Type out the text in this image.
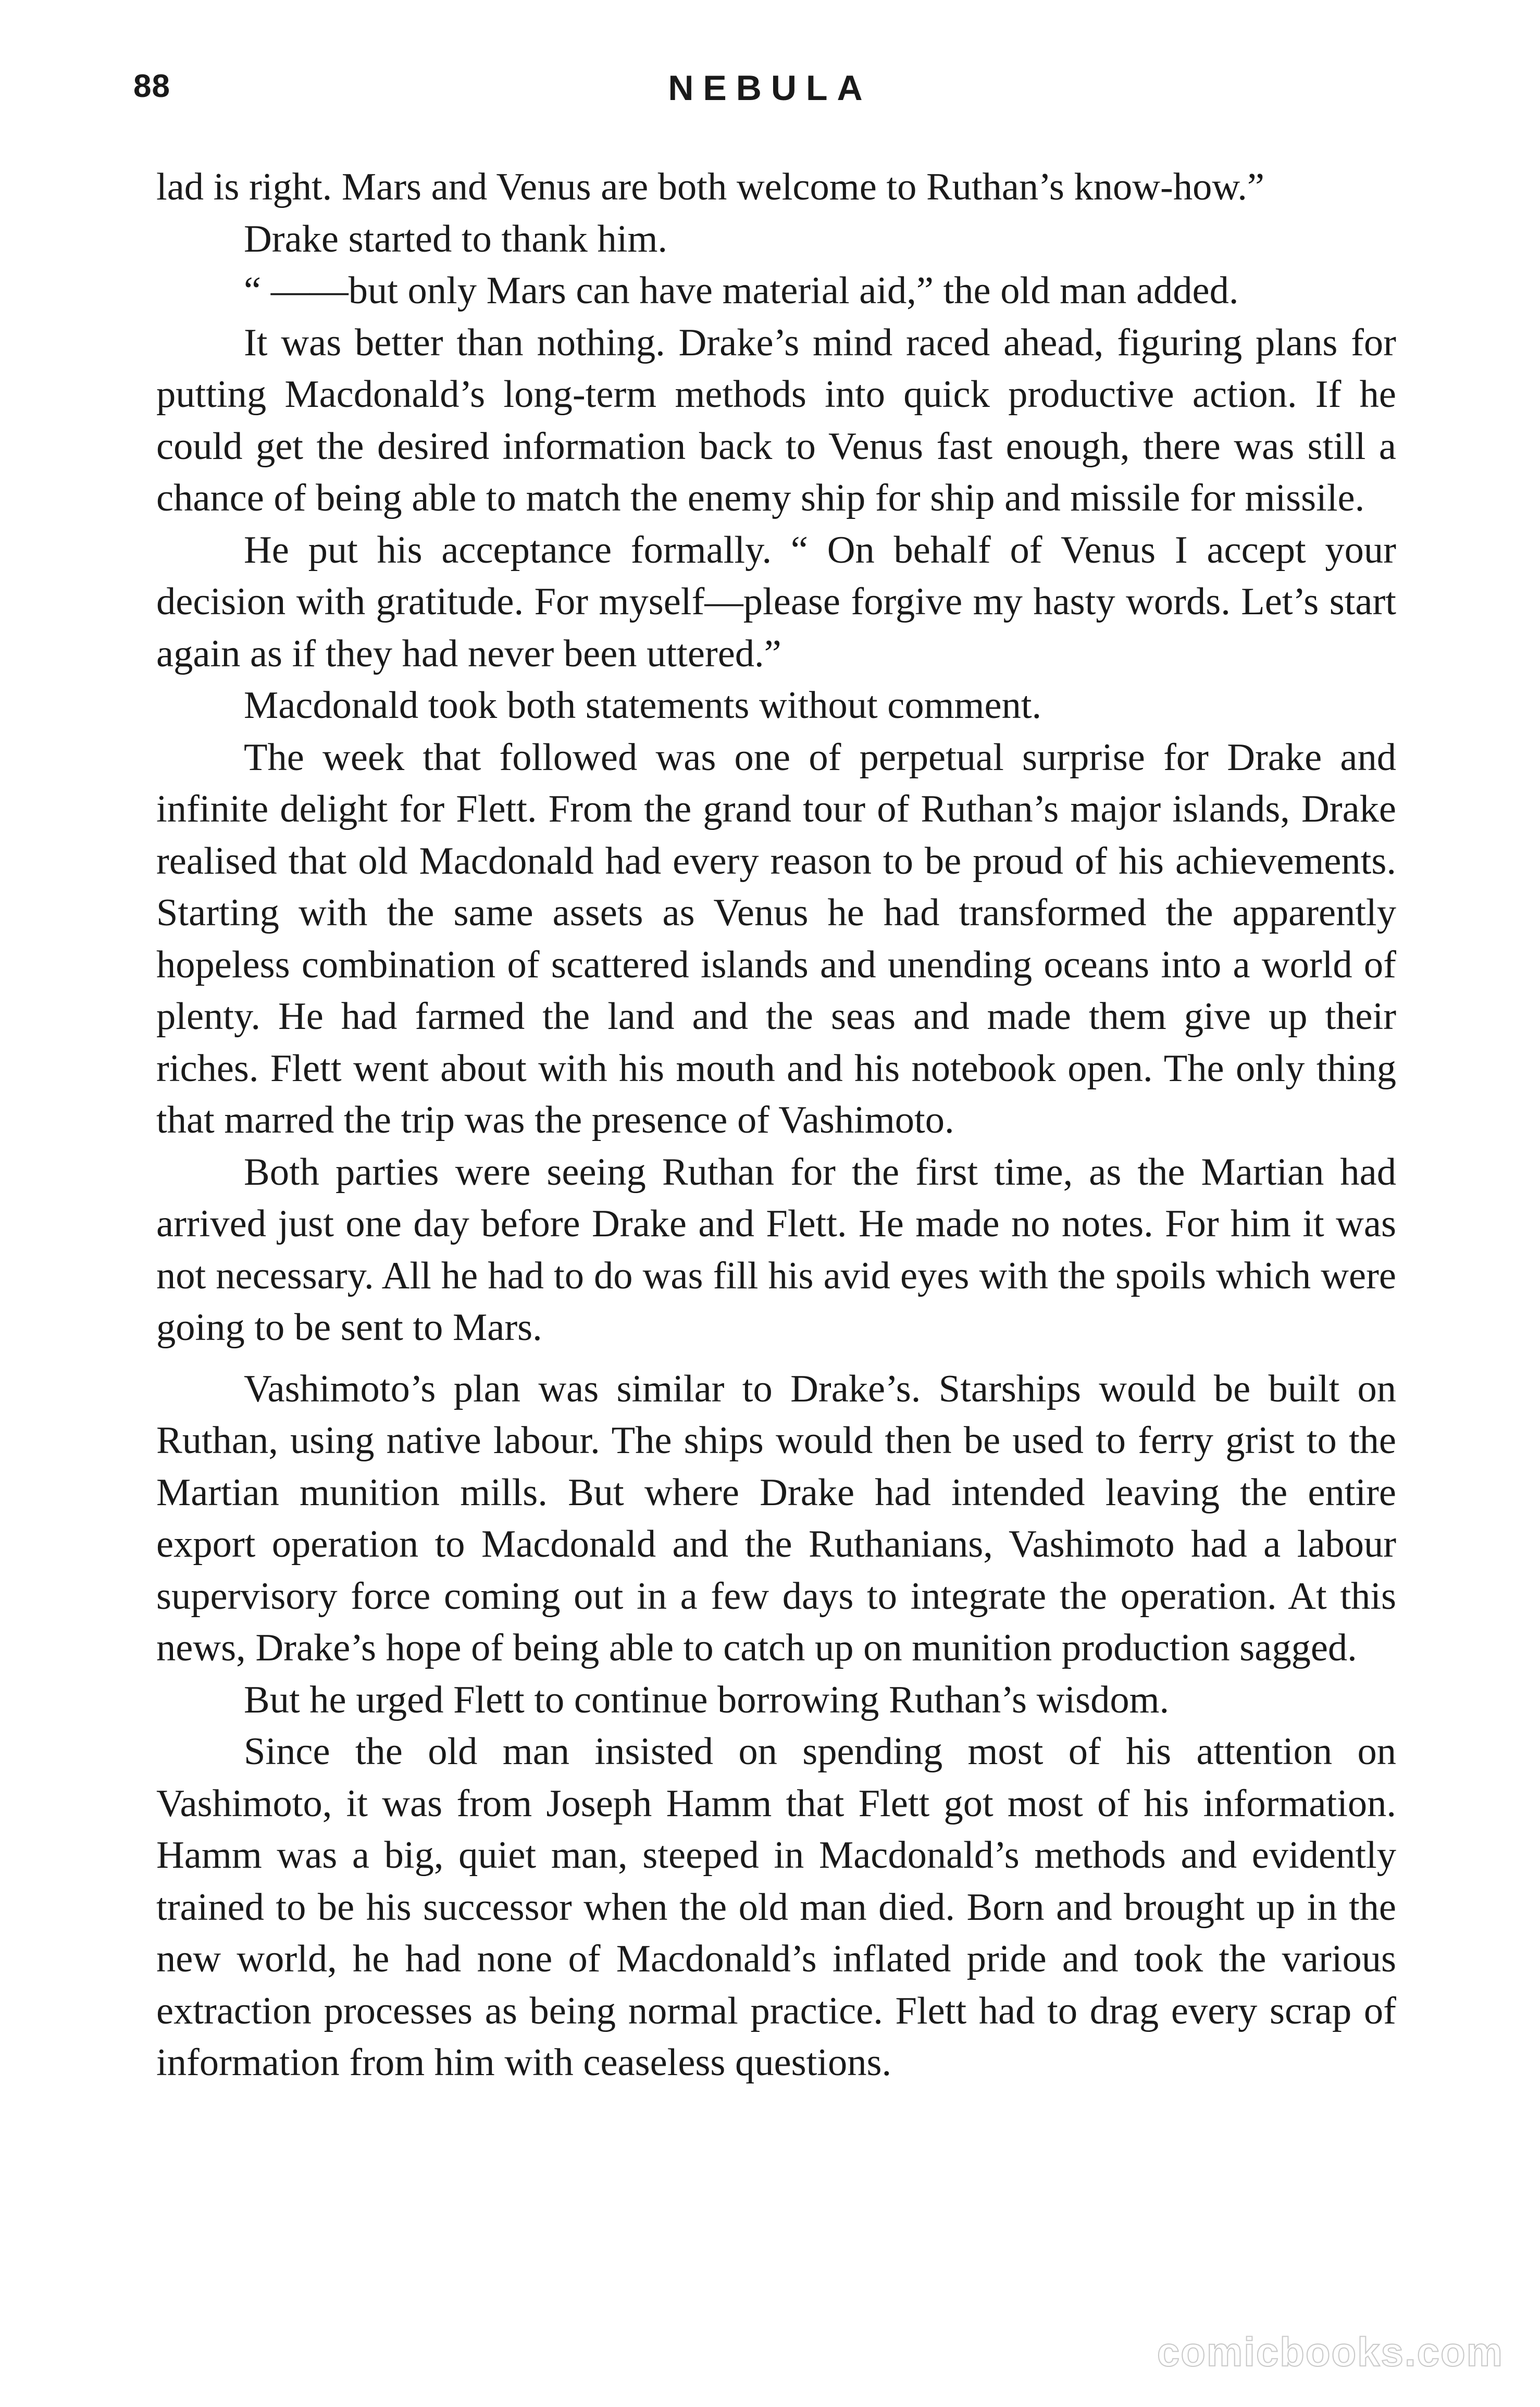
88	NEBULA

lad is right. Mars and Venus are both welcome to Ruthan’s know-how.”

Drake started to thank him.

“ ——but only Mars can have material aid,” the old man added.

It was better than nothing. Drake’s mind raced ahead, figuring plans for putting Macdonald’s long-term methods into quick productive action. If he could get the desired information back to Venus fast enough, there was still a chance of being able to match the enemy ship for ship and missile for missile.

He put his acceptance formally. “ On behalf of Venus I accept your decision with gratitude. For myself—please forgive my hasty words. Let’s start again as if they had never been uttered.”

Macdonald took both statements without comment.

The week that followed was one of perpetual surprise for Drake and infinite delight for Flett. From the grand tour of Ruthan’s major islands, Drake realised that old Macdonald had every reason to be proud of his achievements. Starting with the same assets as Venus he had transformed the apparently hopeless combination of scattered islands and unending oceans into a world of plenty. He had farmed the land and the seas and made them give up their riches. Flett went about with his mouth and his notebook open. The only thing that marred the trip was the presence of Vashimoto.

Both parties were seeing Ruthan for the first time, as the Martian had arrived just one day before Drake and Flett. He made no notes. For him it was not necessary. All he had to do was fill his avid eyes with the spoils which were going to be sent to Mars.

Vashimoto’s plan was similar to Drake’s. Starships would be built on Ruthan, using native labour. The ships would then be used to ferry grist to the Martian munition mills. But where Drake had intended leaving the entire export operation to Macdonald and the Ruthanians, Vashimoto had a labour supervisory force coming out in a few days to integrate the operation. At this news, Drake’s hope of being able to catch up on munition production sagged.

But he urged Flett to continue borrowing Ruthan’s wisdom.

Since the old man insisted on spending most of his attention on Vashimoto, it was from Joseph Hamm that Flett got most of his information. Hamm was a big, quiet man, steeped in Macdonald’s methods and evidently trained to be his successor when the old man died. Born and brought up in the new world, he had none of Macdonald’s inflated pride and took the various extraction processes as being normal practice. Flett had to drag every scrap of information from him with ceaseless questions.

comicbooks.com
